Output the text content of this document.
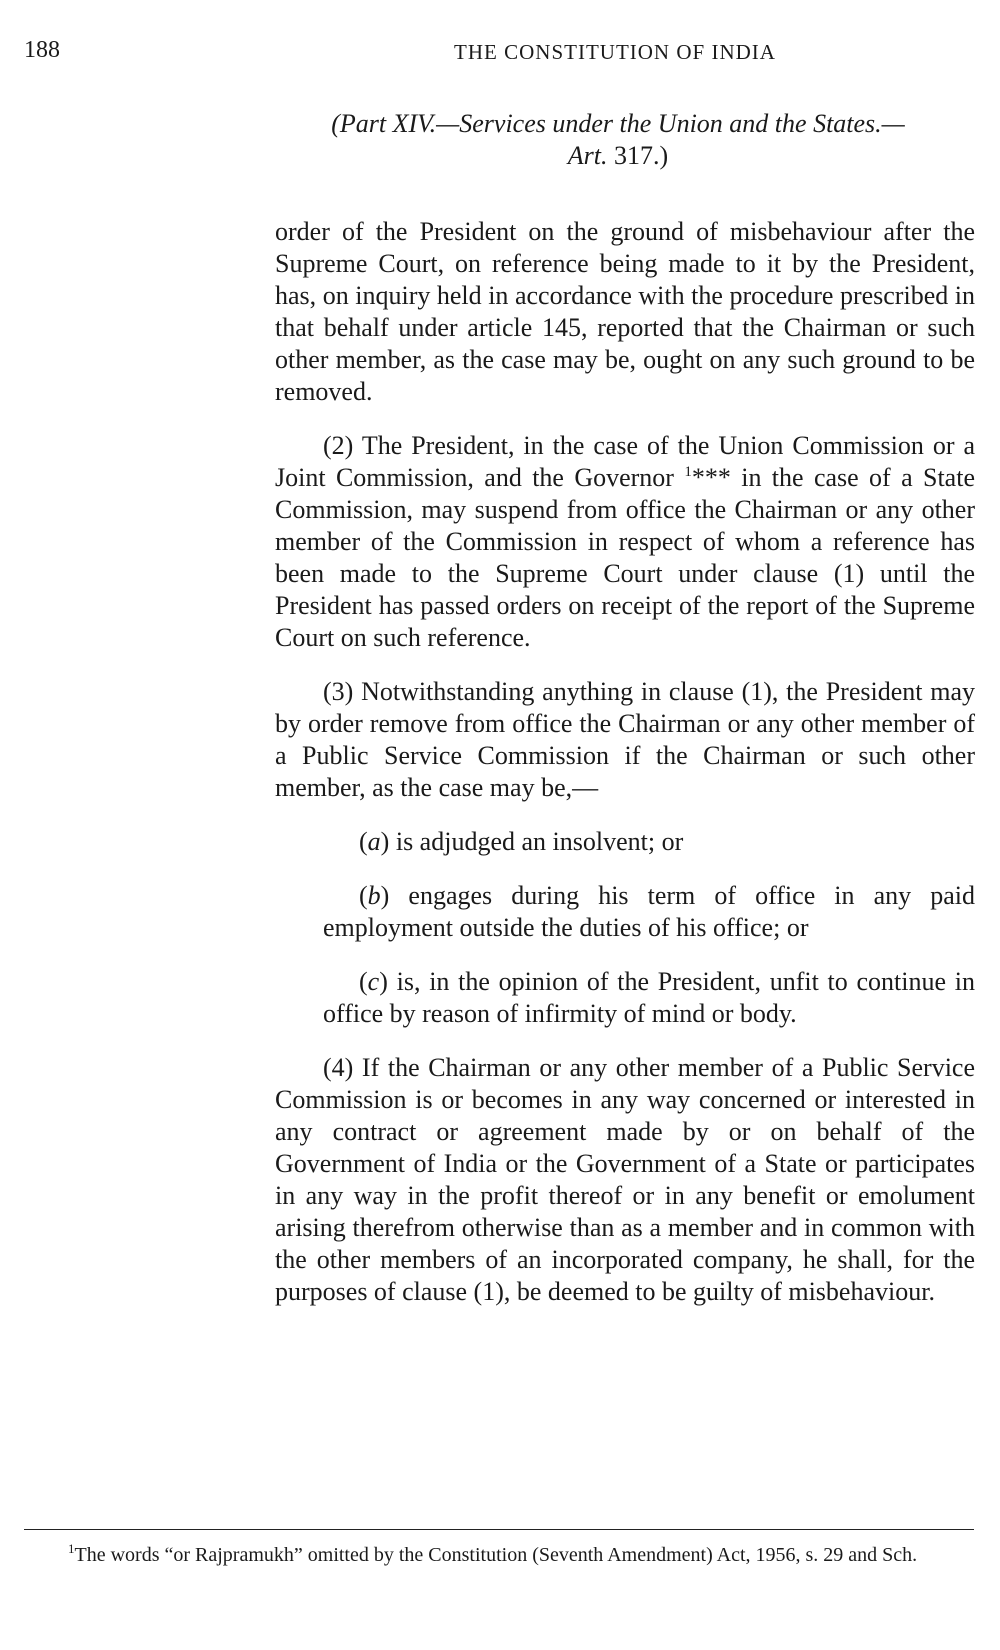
188	THE CONSTITUTION OF INDIA
(Part XIV.—Services under the Union and the States.—
Art. 317.)

order of the President on the ground of misbehaviour after the Supreme Court, on reference being made to it by the President, has, on inquiry held in accordance with the procedure prescribed in that behalf under article 145, reported that the Chairman or such other member, as the case may be, ought on any such ground to be removed.

(2) The President, in the case of the Union Commission or a Joint Commission, and the Governor $^1$*** in the case of a State Commission, may suspend from office the Chairman or any other member of the Commission in respect of whom a reference has been made to the Supreme Court under clause (1) until the President has passed orders on receipt of the report of the Supreme Court on such reference.

(3) Notwithstanding anything in clause (1), the President may by order remove from office the Chairman or any other member of a Public Service Commission if the Chairman or such other member, as the case may be,—

(a) is adjudged an insolvent; or

(b) engages during his term of office in any paid employment outside the duties of his office; or

(c) is, in the opinion of the President, unfit to continue in office by reason of infirmity of mind or body.

(4) If the Chairman or any other member of a Public Service Commission is or becomes in any way concerned or interested in any contract or agreement made by or on behalf of the Government of India or the Government of a State or participates in any way in the profit thereof or in any benefit or emolument arising therefrom otherwise than as a member and in common with the other members of an incorporated company, he shall, for the purposes of clause (1), be deemed to be guilty of misbehaviour.

$^1$The words “or Rajpramukh” omitted by the Constitution (Seventh Amendment) Act, 1956, s. 29 and Sch.
